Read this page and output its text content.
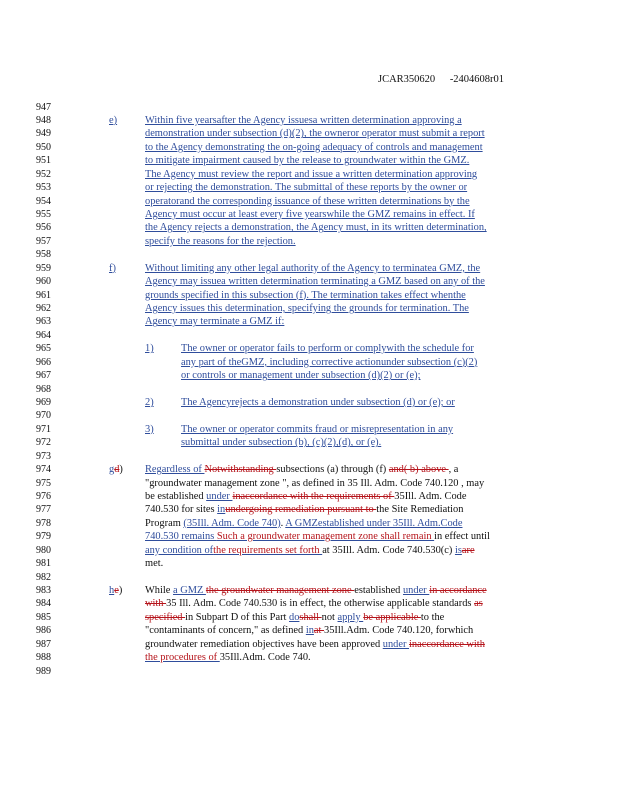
JCAR350620 -2404608r01
947
948
949
950
951
952
953
954
955
956
957
958
959
960
961
962
963
964
965
966
967
968
969
970
971
972
973
974
975
976
977
978
979
980
981
982
983
984
985
986
987
988
989
e)	Within five yearsafter the Agency issuesa written determination approving a
demonstration under subsection (d)(2), the owneror operator must submit a report
to the Agency demonstrating the on-going adequacy of controls and management
to mitigate impairment caused by the release to groundwater within the GMZ.
The Agency must review the report and issue a written determination approving
or rejecting the demonstration. The submittal of these reports by the owner or
operatorand the corresponding issuance of these written determinations by the
Agency must occur at least every five yearswhile the GMZ remains in effect. If
the Agency rejects a demonstration, the Agency must, in its written determination,
specify the reasons for the rejection.
f)	Without limiting any other legal authority of the Agency to terminatea GMZ, the
Agency may issuea written determination terminating a GMZ based on any of the
grounds specified in this subsection (f). The termination takes effect whenthe
Agency issues this determination, specifying the grounds for termination. The
Agency may terminate a GMZ if:
1)	The owner or operator fails to perform or complywith the schedule for
any part of theGMZ, including corrective actionunder subsection (c)(2)
or controls or management under subsection (d)(2) or (e);
2)	The Agencyrejects a demonstration under subsection (d) or (e); or
3)	The owner or operator commits fraud or misrepresentation in any
submittal under subsection (b), (c)(2),(d), or (e).
gd) Regardless of Notwithstanding subsections (a) through (f) and( b) above , a
"groundwater management zone ", as defined in 35 Ill. Adm. Code 740.120 , may
be established under inaccordance with the requirements of 35Ill. Adm. Code
740.530 for sites inundergoing remediation pursuant to the Site Remediation
Program (35Ill. Adm. Code 740). A GMZestablished under 35Ill. Adm.Code
740.530 remains Such a groundwater management zone shall remain in effect until
any condition ofthe requirements set forth at 35Ill. Adm. Code 740.530(c) isare
met.
he) While a GMZ the groundwater management zone established under in accordance
with 35 Ill. Adm. Code 740.530 is in effect, the otherwise applicable standards as
specified in Subpart D of this Part doshall not apply be applicable to the
"contaminants of concern," as defined inat 35Ill.Adm. Code 740.120, forwhich
groundwater remediation objectives have been approved under inaccordance with
the procedures of 35Ill.Adm. Code 740.
